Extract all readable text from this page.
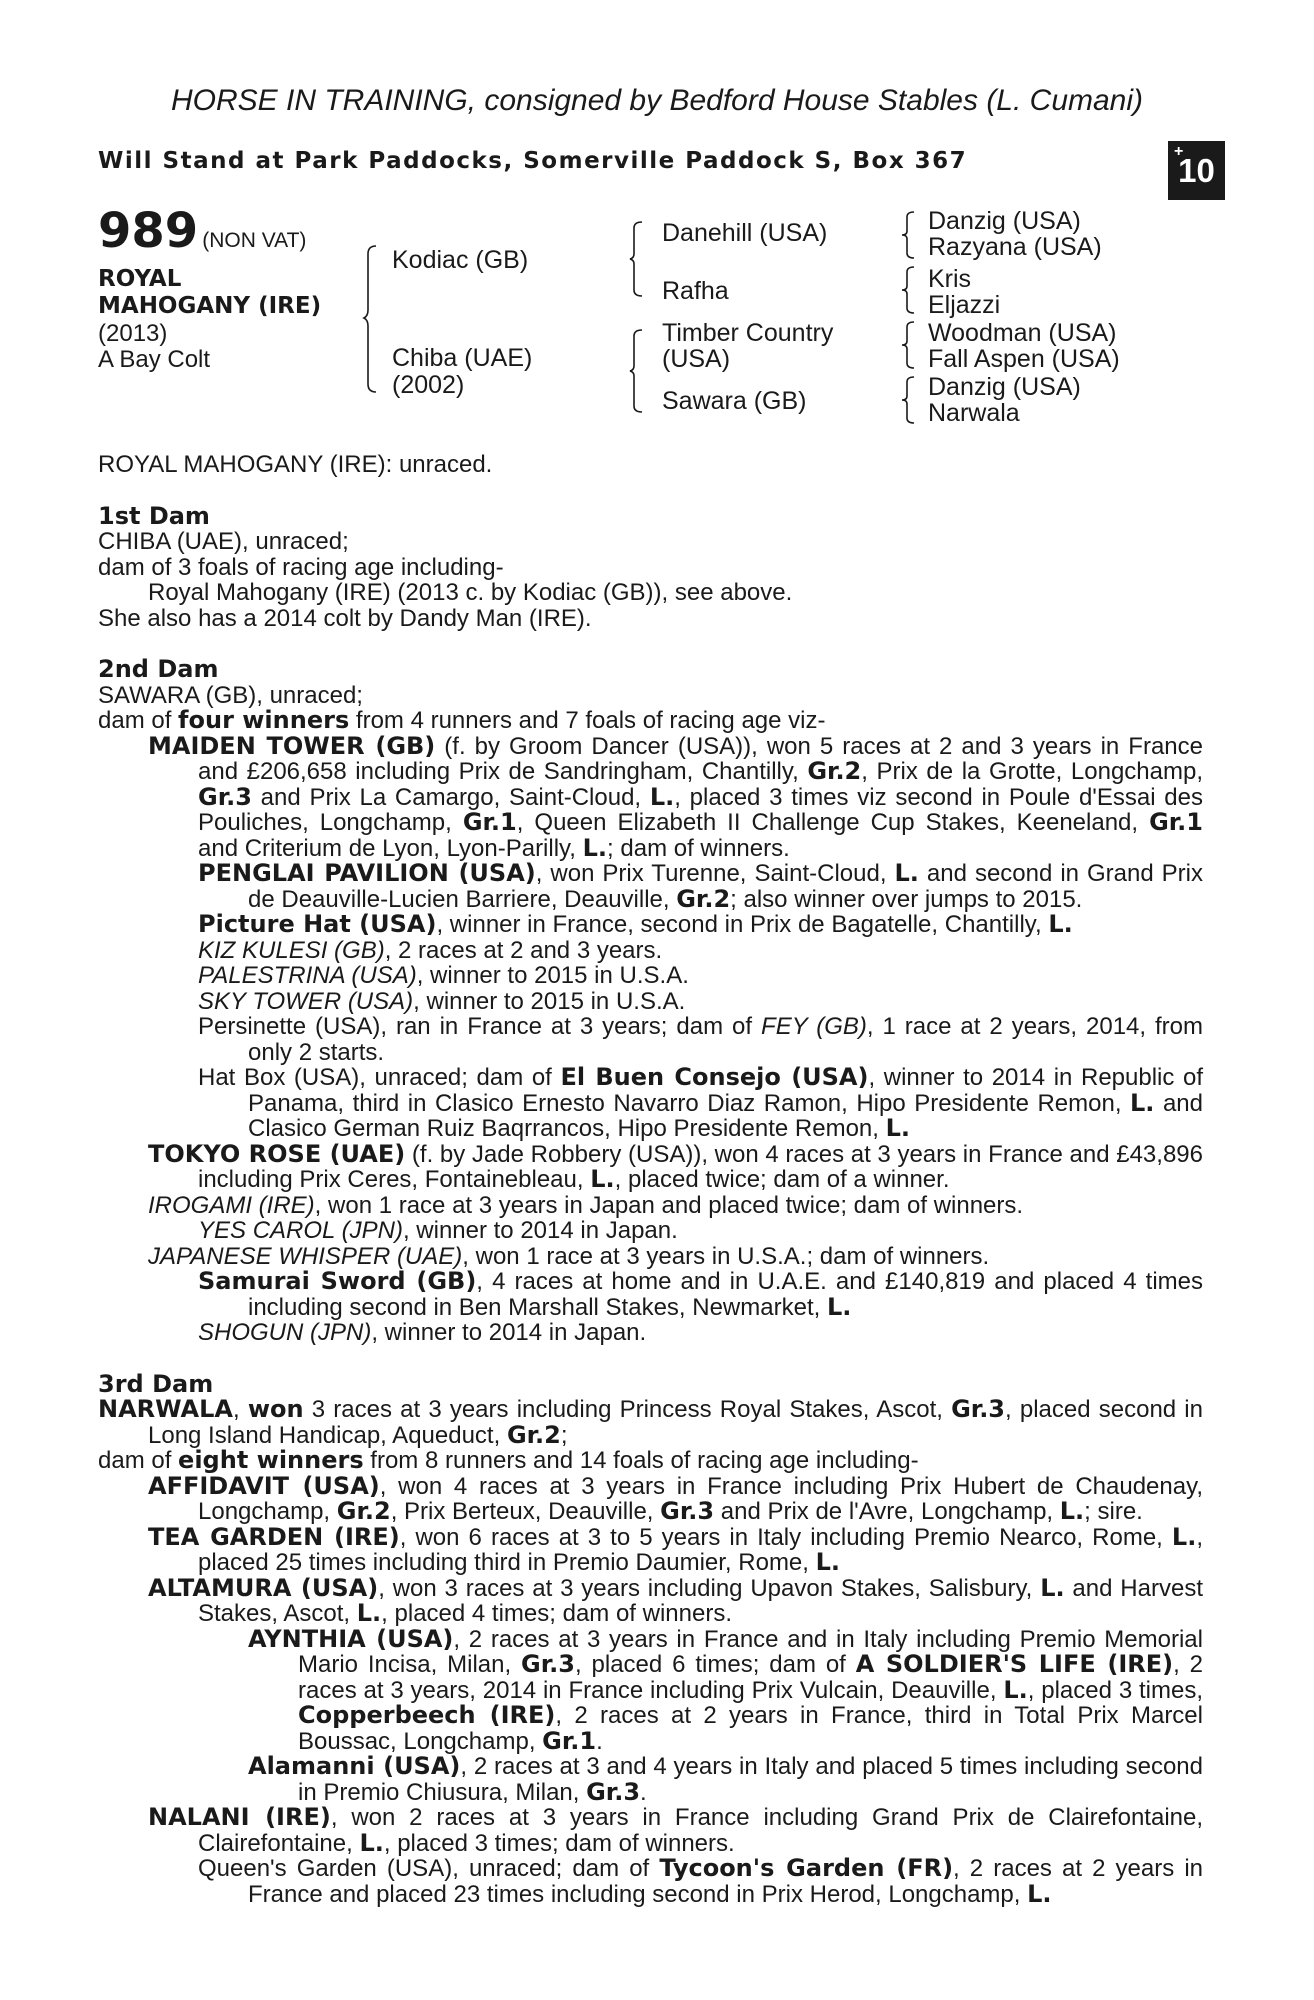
HORSE IN TRAINING, consigned by Bedford House Stables (L. Cumani)
Will Stand at Park Paddocks, Somerville Paddock S, Box 367	+
10
989 (NON VAT)
ROYAL
MAHOGANY (IRE)
(2013)
A Bay Colt
Kodiac (GB)
Chiba (UAE)
(2002)
Danehill (USA)
Rafha
Timber Country
(USA)
Sawara (GB)
Danzig (USA)
Razyana (USA)
Kris
Eljazzi
Woodman (USA)
Fall Aspen (USA)
Danzig (USA)
Narwala

ROYAL MAHOGANY (IRE): unraced.

1st Dam

CHIBA (UAE), unraced;

dam of 3 foals of racing age including-

Royal Mahogany (IRE) (2013 c. by Kodiac (GB)), see above.

She also has a 2014 colt by Dandy Man (IRE).

2nd Dam

SAWARA (GB), unraced;

dam of four winners from 4 runners and 7 foals of racing age viz-

MAIDEN TOWER (GB) (f. by Groom Dancer (USA)), won 5 races at 2 and 3 years in France and £206,658 including Prix de Sandringham, Chantilly, Gr.2, Prix de la Grotte, Longchamp, Gr.3 and Prix La Camargo, Saint-Cloud, L., placed 3 times viz second in Poule d'Essai des Pouliches, Longchamp, Gr.1, Queen Elizabeth II Challenge Cup Stakes, Keeneland, Gr.1 and Criterium de Lyon, Lyon-Parilly, L.; dam of winners.

PENGLAI PAVILION (USA), won Prix Turenne, Saint-Cloud, L. and second in Grand Prix de Deauville-Lucien Barriere, Deauville, Gr.2; also winner over jumps to 2015.

Picture Hat (USA), winner in France, second in Prix de Bagatelle, Chantilly, L.

KIZ KULESI (GB), 2 races at 2 and 3 years.

PALESTRINA (USA), winner to 2015 in U.S.A.

SKY TOWER (USA), winner to 2015 in U.S.A.

Persinette (USA), ran in France at 3 years; dam of FEY (GB), 1 race at 2 years, 2014, from only 2 starts.

Hat Box (USA), unraced; dam of El Buen Consejo (USA), winner to 2014 in Republic of Panama, third in Clasico Ernesto Navarro Diaz Ramon, Hipo Presidente Remon, L. and Clasico German Ruiz Baqrrancos, Hipo Presidente Remon, L.

TOKYO ROSE (UAE) (f. by Jade Robbery (USA)), won 4 races at 3 years in France and £43,896 including Prix Ceres, Fontainebleau, L., placed twice; dam of a winner.

IROGAMI (IRE), won 1 race at 3 years in Japan and placed twice; dam of winners.

YES CAROL (JPN), winner to 2014 in Japan.

JAPANESE WHISPER (UAE), won 1 race at 3 years in U.S.A.; dam of winners.

Samurai Sword (GB), 4 races at home and in U.A.E. and £140,819 and placed 4 times including second in Ben Marshall Stakes, Newmarket, L.

SHOGUN (JPN), winner to 2014 in Japan.

3rd Dam

NARWALA, won 3 races at 3 years including Princess Royal Stakes, Ascot, Gr.3, placed second in Long Island Handicap, Aqueduct, Gr.2;

dam of eight winners from 8 runners and 14 foals of racing age including-

AFFIDAVIT (USA), won 4 races at 3 years in France including Prix Hubert de Chaudenay, Longchamp, Gr.2, Prix Berteux, Deauville, Gr.3 and Prix de l'Avre, Longchamp, L.; sire.

TEA GARDEN (IRE), won 6 races at 3 to 5 years in Italy including Premio Nearco, Rome, L., placed 25 times including third in Premio Daumier, Rome, L.

ALTAMURA (USA), won 3 races at 3 years including Upavon Stakes, Salisbury, L. and Harvest Stakes, Ascot, L., placed 4 times; dam of winners.

AYNTHIA (USA), 2 races at 3 years in France and in Italy including Premio Memorial Mario Incisa, Milan, Gr.3, placed 6 times; dam of A SOLDIER'S LIFE (IRE), 2 races at 3 years, 2014 in France including Prix Vulcain, Deauville, L., placed 3 times, Copperbeech (IRE), 2 races at 2 years in France, third in Total Prix Marcel Boussac, Longchamp, Gr.1.

Alamanni (USA), 2 races at 3 and 4 years in Italy and placed 5 times including second in Premio Chiusura, Milan, Gr.3.

NALANI (IRE), won 2 races at 3 years in France including Grand Prix de Clairefontaine, Clairefontaine, L., placed 3 times; dam of winners.

Queen's Garden (USA), unraced; dam of Tycoon's Garden (FR), 2 races at 2 years in France and placed 23 times including second in Prix Herod, Longchamp, L.
